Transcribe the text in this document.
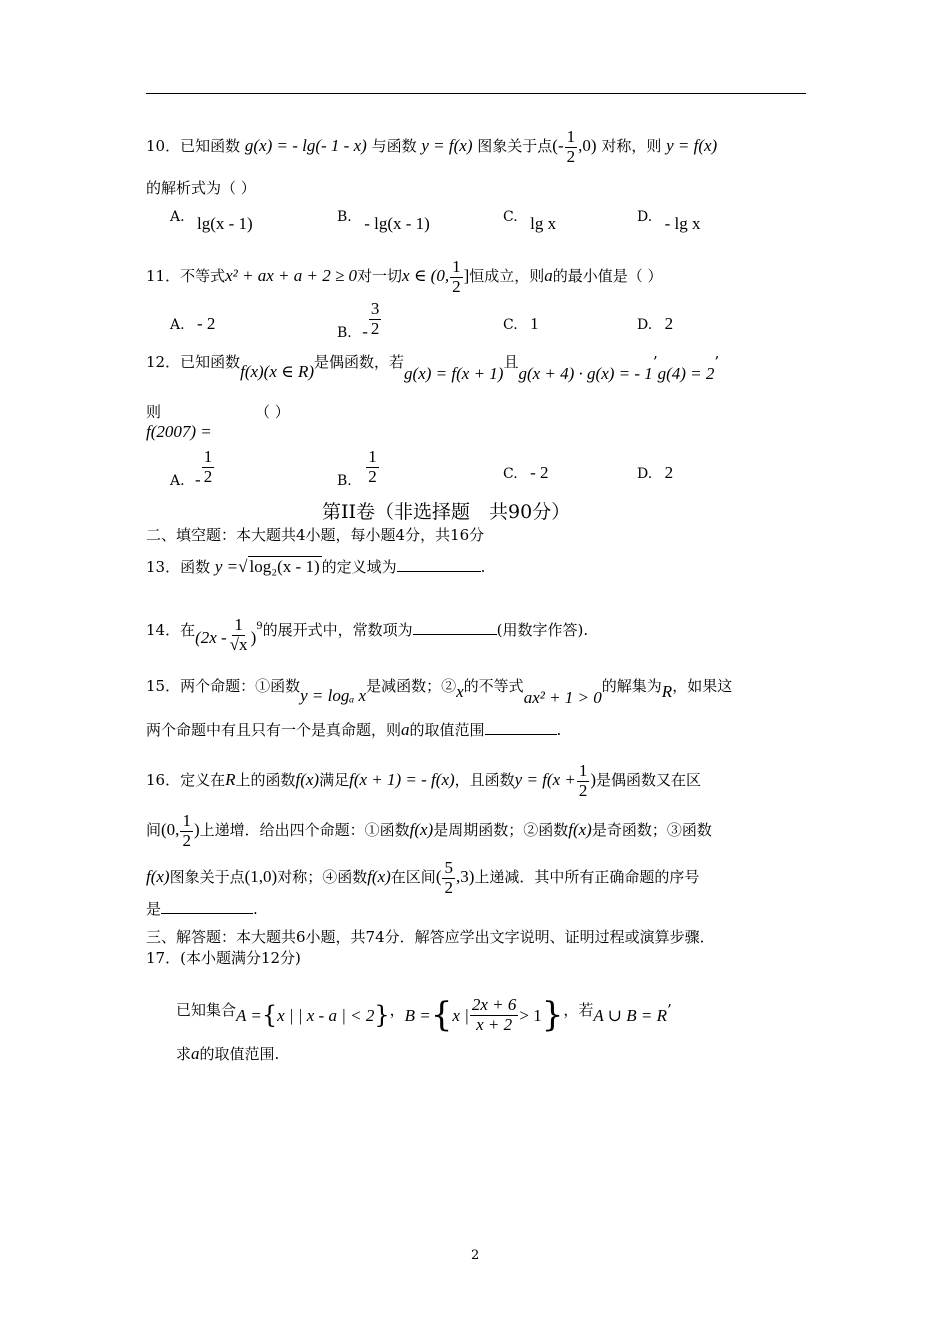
10．已知函数 g(x) = - lg(- 1 - x) 与函数 y = f(x) 图象关于点(- $\frac{1}{2} ,0$) 对称，则 y = f(x)
的解析式为（ ）
A. lg(x - 1)	B. - lg(x - 1)	C. lg x	D. - lg x
11．不等式x² + ax + a + 2 ≥ 0对一切x ∈ (0, $\frac{1}{2}$ ]恒成立，则a的最小值是（ ）
A. - 2
B. - $\frac{3}{2}$	C. 1	D. 2
12．已知函数f(x)(x ∈ R)是偶函数，若g(x) = f(x + 1)且g(x + 4) · g(x) = - 1’g(4) = 2’
则
f(2007) =
（ ）
A. - $\frac{1}{2}$	B. $\frac{1}{2}$	C. - 2	D. 2
第II卷（非选择题　共90分）
二、填空题：本大题共4小题，每小题4分，共16分
13．函数 y =√ log₂(x - 1) 的定义域为	.
14．在$(2x - \frac{1}{√x} )^9$的展开式中，常数项为	(用数字作答).
15．两个命题：①函数y = logₐ x是减函数；②x的不等式ax² + 1 > 0的解集为R，如果这
两个命题中有且只有一个是真命题，则a的取值范围	.
16．定义在R上的函数f(x)满足f(x + 1) = - f(x)，且函数$y = f(x + \frac{1}{2}$ )是偶函数又在区
间(0, $\frac{1}{2}$ )上递增．给出四个命题：①函数f(x)是周期函数；②函数f(x)是奇函数；③函数
f(x)图象关于点(1,0)对称；④函数f(x)在区间( $\frac{5}{2} ,3$)上递减．其中所有正确命题的序号
是	.
三、解答题：本大题共6小题，共74分．解答应学出文字说明、证明过程或演算步骤．
17．(本小题满分12分)
已知集合A ={x | | x - a | < 2}，B ={x | $\frac{2x + 6}{x + 2} > 1$}，若A ∪ B = R’
求a的取值范围.
2
